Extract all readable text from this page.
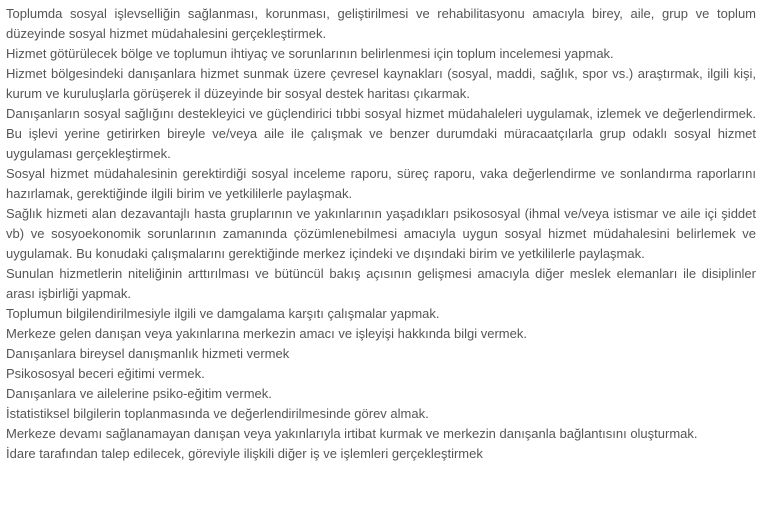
Toplumda sosyal işlevselliğin sağlanması, korunması, geliştirilmesi ve rehabilitasyonu amacıyla birey, aile, grup ve toplum düzeyinde sosyal hizmet müdahalesini gerçekleştirmek.

Hizmet götürülecek bölge ve toplumun ihtiyaç ve sorunlarının belirlenmesi için toplum incelemesi yapmak.

Hizmet bölgesindeki danışanlara hizmet sunmak üzere çevresel kaynakları (sosyal, maddi, sağlık, spor vs.) araştırmak, ilgili kişi, kurum ve kuruluşlarla görüşerek il düzeyinde bir sosyal destek haritası çıkarmak.

Danışanların sosyal sağlığını destekleyici ve güçlendirici tıbbi sosyal hizmet müdahaleleri uygulamak, izlemek ve değerlendirmek. Bu işlevi yerine getirirken bireyle ve/veya aile ile çalışmak ve benzer durumdaki müracaatçılarla grup odaklı sosyal hizmet uygulaması gerçekleştirmek.

Sosyal hizmet müdahalesinin gerektirdiği sosyal inceleme raporu, süreç raporu, vaka değerlendirme ve sonlandırma raporlarını hazırlamak, gerektiğinde ilgili birim ve yetkililerle paylaşmak.

Sağlık hizmeti alan dezavantajlı hasta gruplarının ve yakınlarının yaşadıkları psikososyal (ihmal ve/veya istismar ve aile içi şiddet vb) ve sosyoekonomik sorunlarının zamanında çözümlenebilmesi amacıyla uygun sosyal hizmet müdahalesini belirlemek ve uygulamak. Bu konudaki çalışmalarını gerektiğinde merkez içindeki ve dışındaki birim ve yetkililerle paylaşmak.

Sunulan hizmetlerin niteliğinin arttırılması ve bütüncül bakış açısının gelişmesi amacıyla diğer meslek elemanları ile disiplinler arası işbirliği yapmak.

Toplumun bilgilendirilmesiyle ilgili ve damgalama karşıtı çalışmalar yapmak.

Merkeze gelen danışan veya yakınlarına merkezin amacı ve işleyişi hakkında bilgi vermek.

Danışanlara bireysel danışmanlık hizmeti vermek

Psikososyal beceri eğitimi vermek.

Danışanlara ve ailelerine psiko-eğitim vermek.

İstatistiksel bilgilerin toplanmasında ve değerlendirilmesinde görev almak.

Merkeze devamı sağlanamayan danışan veya yakınlarıyla irtibat kurmak ve merkezin danışanla bağlantısını oluşturmak.

İdare tarafından talep edilecek, göreviyle ilişkili diğer iş ve işlemleri gerçekleştirmek
